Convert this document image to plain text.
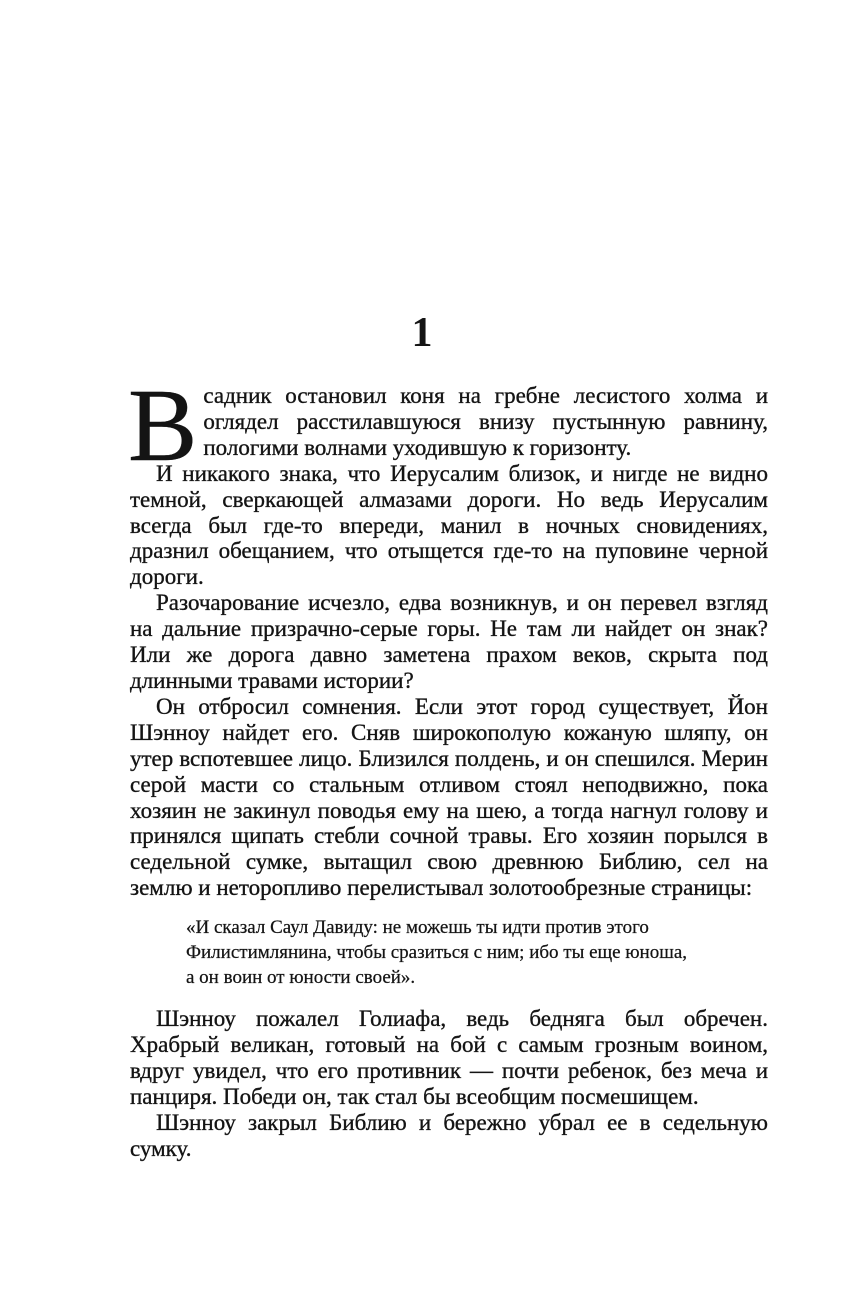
1

Всадник остановил коня на гребне лесистого холма и оглядел расстилавшуюся внизу пустынную равнину, пологими волнами уходившую к горизонту.

И никакого знака, что Иерусалим близок, и нигде не видно темной, сверкающей алмазами дороги. Но ведь Иерусалим всегда был где-то впереди, манил в ночных сновидениях, дразнил обещанием, что отыщется где-то на пуповине черной дороги.

Разочарование исчезло, едва возникнув, и он перевел взгляд на дальние призрачно-серые горы. Не там ли найдет он знак? Или же дорога давно заметена прахом веков, скрыта под длинными травами истории?

Он отбросил сомнения. Если этот город существует, Йон Шэнноу найдет его. Сняв широкополую кожаную шляпу, он утер вспотевшее лицо. Близился полдень, и он спешился. Мерин серой масти со стальным отливом стоял неподвижно, пока хозяин не закинул поводья ему на шею, а тогда нагнул голову и принялся щипать стебли сочной травы. Его хозяин порылся в седельной сумке, вытащил свою древнюю Библию, сел на землю и неторопливо перелистывал золотообрезные страницы:

«И сказал Саул Давиду: не можешь ты идти против этого
Филистимлянина, чтобы сразиться с ним; ибо ты еще юноша,
а он воин от юности своей».

Шэнноу пожалел Голиафа, ведь бедняга был обречен. Храбрый великан, готовый на бой с самым грозным воином, вдруг увидел, что его противник — почти ребенок, без меча и панциря. Победи он, так стал бы всеобщим посмешищем.

Шэнноу закрыл Библию и бережно убрал ее в седельную сумку.
